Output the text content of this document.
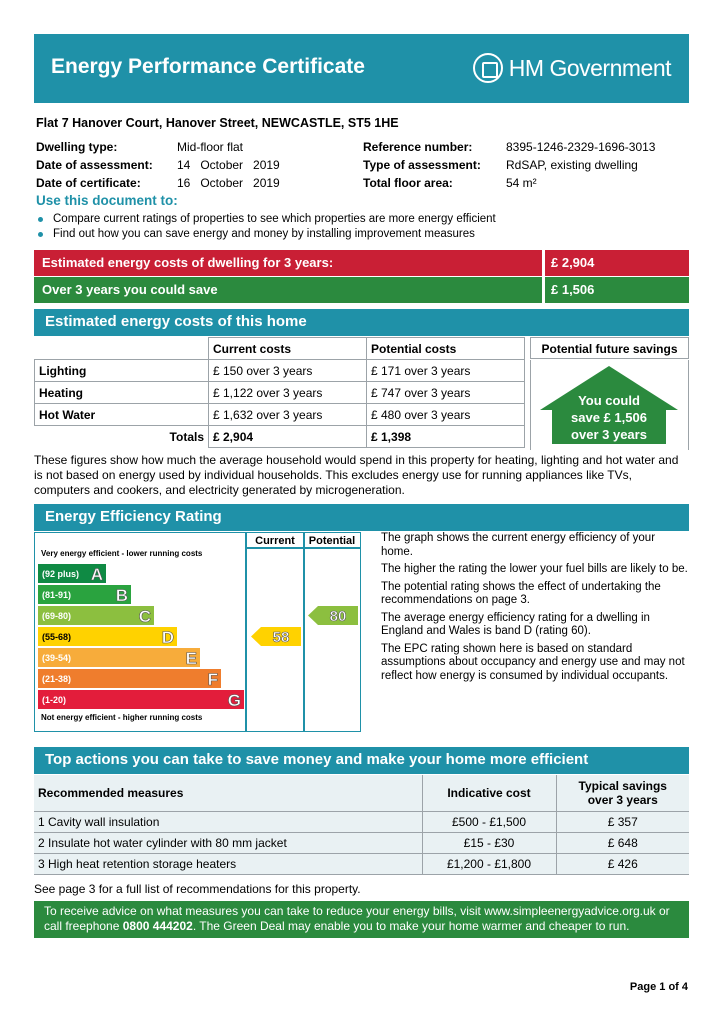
Energy Performance Certificate	HM Government
Flat 7 Hanover Court, Hanover Street, NEWCASTLE, ST5 1HE
Dwelling type:	Mid-floor flat
Date of assessment:	14   October   2019
Date of certificate:	16   October   2019
Reference number:	8395-1246-2329-1696-3013
Type of assessment:	RdSAP, existing dwelling
Total floor area:	54 m²
Use this document to:
Compare current ratings of properties to see which properties are more energy efficient
Find out how you can save energy and money by installing improvement measures
Estimated energy costs of dwelling for 3 years:	£ 2,904
Over 3 years you could save	£ 1,506
Estimated energy costs of this home
	Current costs	Potential costs
Lighting	£ 150 over 3 years	£ 171 over 3 years
Heating	£ 1,122 over 3 years	£ 747 over 3 years
Hot Water	£ 1,632 over 3 years	£ 480 over 3 years
Totals	£ 2,904	£ 1,398
Potential future savings
You could
save £ 1,506
over 3 years
These figures show how much the average household would spend in this property for heating, lighting and hot water and is not based on energy used by individual households. This excludes energy use for running appliances like TVs, computers and cookers, and electricity generated by microgeneration.
Energy Efficiency Rating
Current Potential
Very energy efficient - lower running costs
Not energy efficient - higher running costs
(92 plus) A
(81-91)	B
(69-80)	C
(55-68)	D
(39-54)	E
(21-38)	F
(1-20)	G
58
80

The graph shows the current energy efficiency of your home.

The higher the rating the lower your fuel bills are likely to be.

The potential rating shows the effect of undertaking the recommendations on page 3.

The average energy efficiency rating for a dwelling in England and Wales is band D (rating 60).

The EPC rating shown here is based on standard assumptions about occupancy and energy use and may not reflect how energy is consumed by individual occupants.

Top actions you can take to save money and make your home more efficient
Recommended measures	Indicative cost	Typical savings
over 3 years

1 Cavity wall insulation	£500 - £1,500	£ 357
2 Insulate hot water cylinder with 80 mm jacket	£15 - £30	£ 648
3 High heat retention storage heaters	£1,200 - £1,800	£ 426
See page 3 for a full list of recommendations for this property.
To receive advice on what measures you can take to reduce your energy bills, visit www.simpleenergyadvice.org.uk or call freephone 0800 444202. The Green Deal may enable you to make your home warmer and cheaper to run.
Page 1 of 4
